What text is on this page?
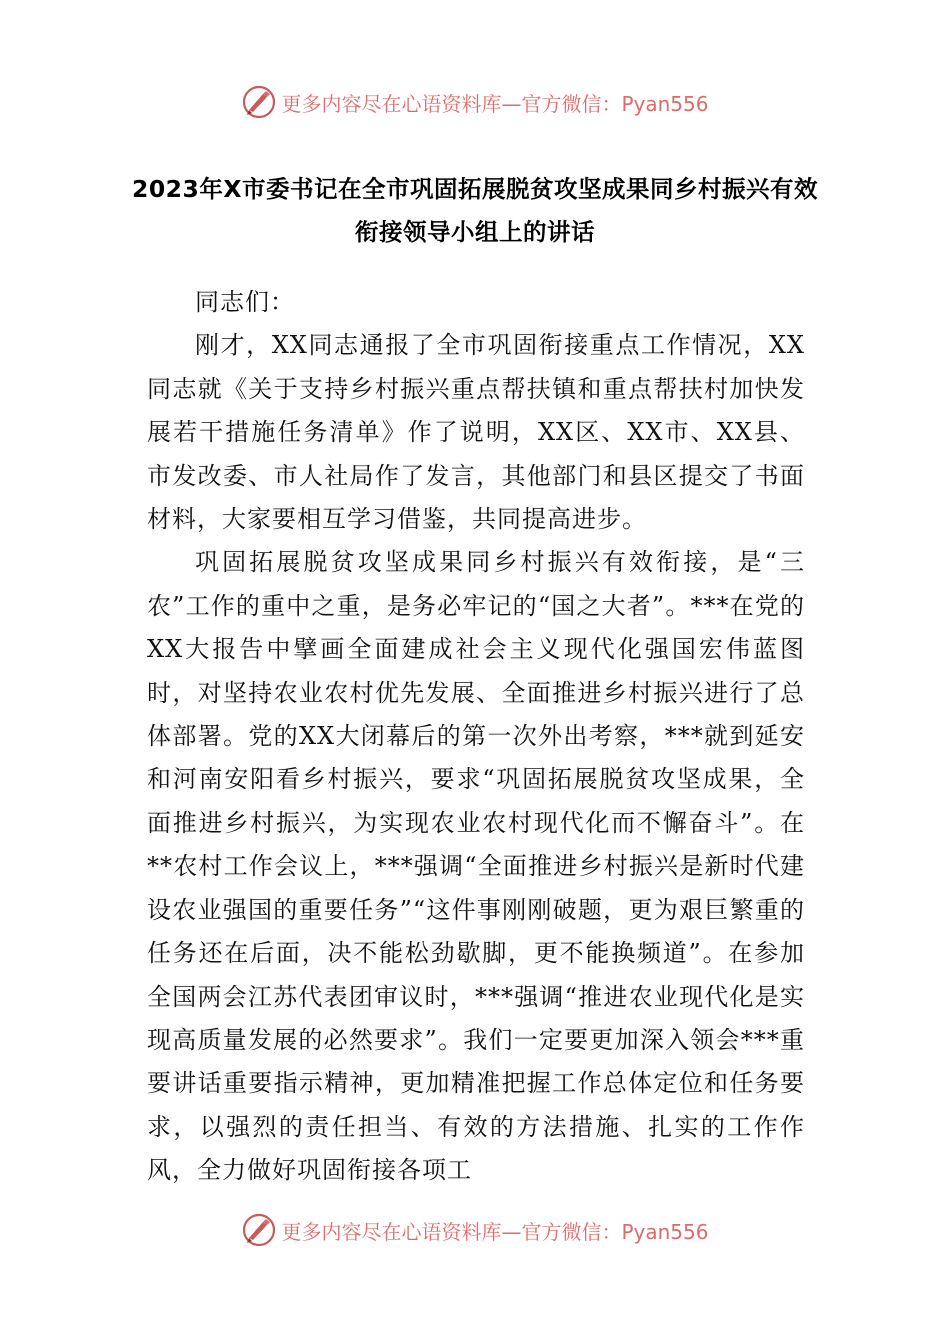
更多内容尽在心语资料库—官方微信：Pyan556
2023年X市委书记在全市巩固拓展脱贫攻坚成果同乡村振兴有效衔接领导小组上的讲话

同志们：

刚才，XX同志通报了全市巩固衔接重点工作情况，XX同志就《关于支持乡村振兴重点帮扶镇和重点帮扶村加快发展若干措施任务清单》作了说明，XX区、XX市、XX县、市发改委、市人社局作了发言，其他部门和县区提交了书面材料，大家要相互学习借鉴，共同提高进步。

巩固拓展脱贫攻坚成果同乡村振兴有效衔接，是“三农”工作的重中之重，是务必牢记的“国之大者”。***在党的XX大报告中擘画全面建成社会主义现代化强国宏伟蓝图时，对坚持农业农村优先发展、全面推进乡村振兴进行了总体部署。党的XX大闭幕后的第一次外出考察，***就到延安和河南安阳看乡村振兴，要求“巩固拓展脱贫攻坚成果，全面推进乡村振兴，为实现农业农村现代化而不懈奋斗”。在**农村工作会议上，***强调“全面推进乡村振兴是新时代建设农业强国的重要任务”“这件事刚刚破题，更为艰巨繁重的任务还在后面，决不能松劲歇脚，更不能换频道”。在参加全国两会江苏代表团审议时，***强调“推进农业现代化是实现高质量发展的必然要求”。我们一定要更加深入领会***重要讲话重要指示精神，更加精准把握工作总体定位和任务要求，以强烈的责任担当、有效的方法措施、扎实的工作作风，全力做好巩固衔接各项工

更多内容尽在心语资料库—官方微信：Pyan556
